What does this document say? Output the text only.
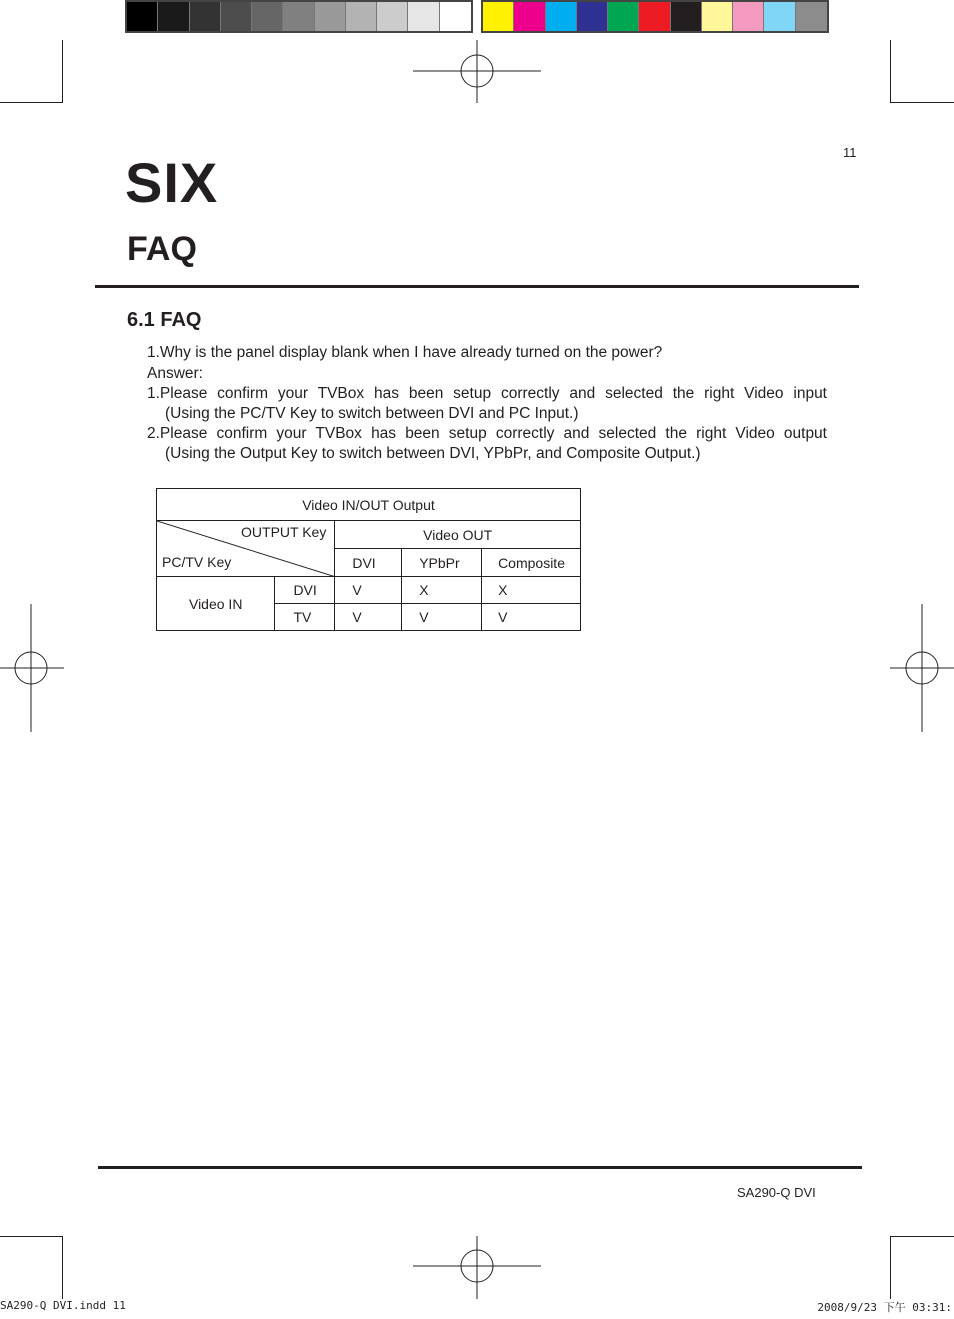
11
SIX
FAQ
6.1 FAQ
1.Why is the panel display blank when I have already turned on the power?
Answer:
1.Please confirm your TVBox has been setup correctly and selected the right Video input
(Using the PC/TV Key to switch between DVI and PC Input.)
2.Please confirm your TVBox has been setup correctly and selected the right Video output
(Using the Output Key to switch between DVI, YPbPr, and Composite Output.)
Video IN/OUT Output				

OUTPUT Key
PC/TV Key		Video OUT		
		DVI	YPbPr	Composite
Video IN	DVI	V	X	X
	TV	V	V	V
SA290-Q DVI
SA290-Q DVI.indd 11	2008/9/23 下午 03:31:
